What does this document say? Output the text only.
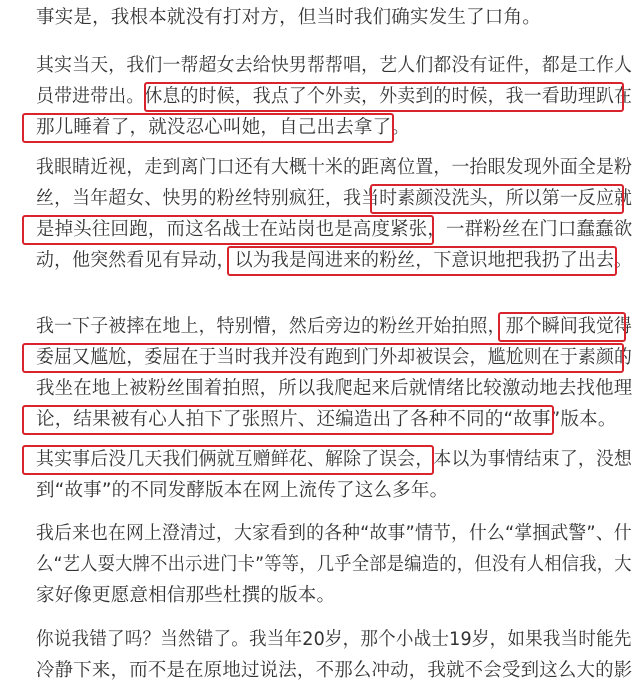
事实是，我根本就没有打对方，但当时我们确实发生了口角。
其实当天，我们一帮超女去给快男帮帮唱，艺人们都没有证件，都是工作人
员带进带出。休息的时候，我点了个外卖，外卖到的时候，我一看助理趴在
那儿睡着了，就没忍心叫她，自己出去拿了。
我眼睛近视，走到离门口还有大概十米的距离位置，一抬眼发现外面全是粉
丝，当年超女、快男的粉丝特别疯狂，我当时素颜没洗头，所以第一反应就
是掉头往回跑，而这名战士在站岗也是高度紧张，一群粉丝在门口蠢蠢欲
动，他突然看见有异动，以为我是闯进来的粉丝，下意识地把我扔了出去。
我一下子被摔在地上，特别懵，然后旁边的粉丝开始拍照，那个瞬间我觉得
委屈又尴尬，委屈在于当时我并没有跑到门外却被误会，尴尬则在于素颜的
我坐在地上被粉丝围着拍照，所以我爬起来后就情绪比较激动地去找他理
论，结果被有心人拍下了张照片、还编造出了各种不同的“故事”版本。
其实事后没几天我们俩就互赠鲜花、解除了误会，本以为事情结束了，没想
到“故事”的不同发酵版本在网上流传了这么多年。
我后来也在网上澄清过，大家看到的各种“故事”情节，什么“掌掴武警”、什
么“艺人耍大牌不出示进门卡”等等，几乎全部是编造的，但没有人相信我，大
家好像更愿意相信那些杜撰的版本。
你说我错了吗？当然错了。我当年20岁，那个小战士19岁，如果我当时能先
冷静下来，而不是在原地过说法，不那么冲动，我就不会受到这么大的影
